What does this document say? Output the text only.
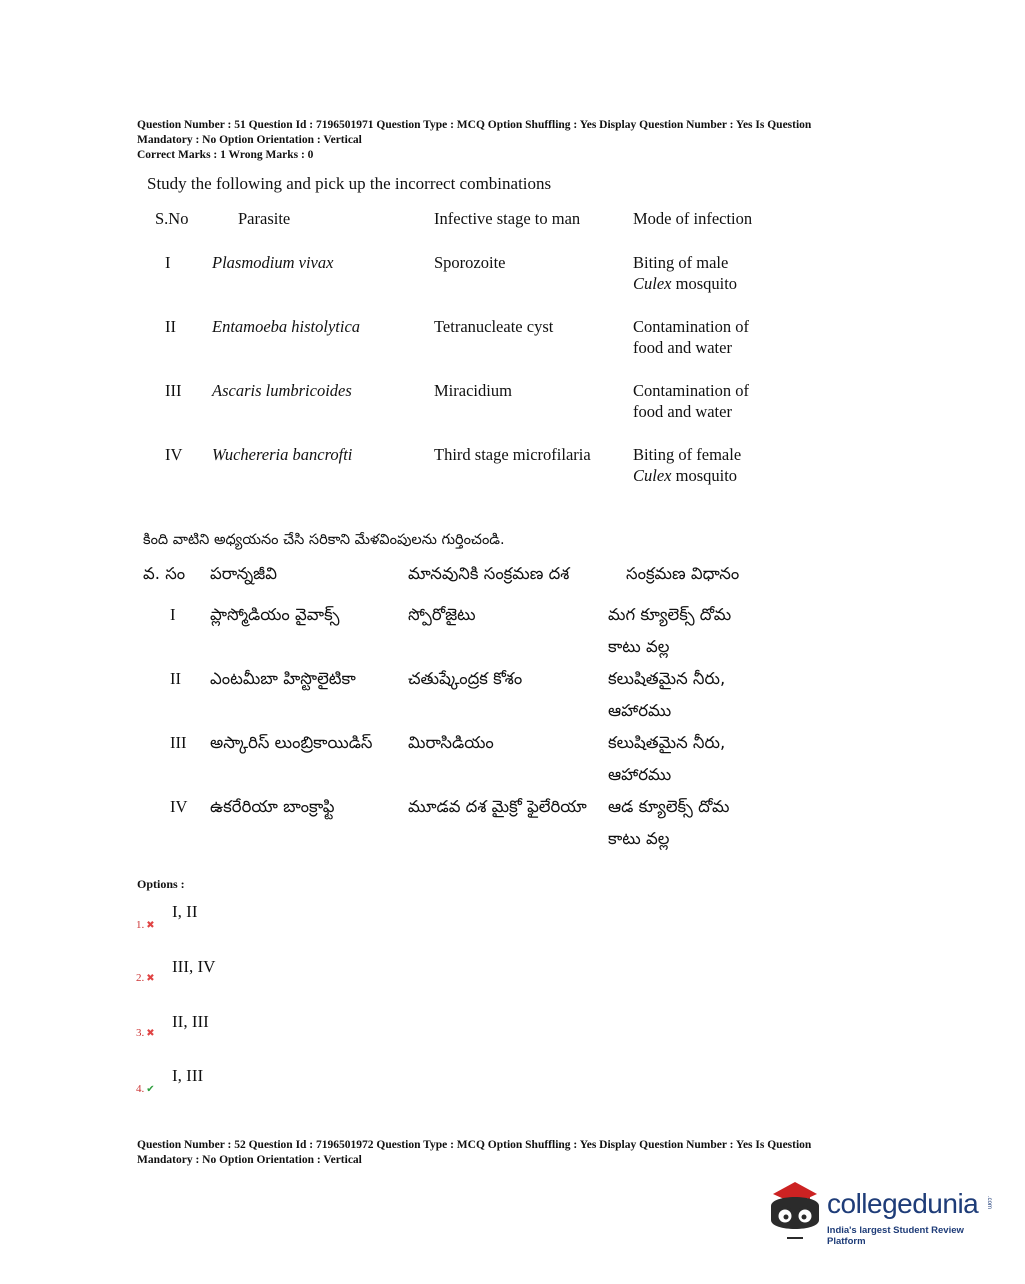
Question Number : 51 Question Id : 7196501971 Question Type : MCQ Option Shuffling : Yes Display Question Number : Yes Is Question
Mandatory : No Option Orientation : Vertical
Correct Marks : 1 Wrong Marks : 0
Study the following and pick up the incorrect combinations
S.No	Parasite	Infective stage to man	Mode of infection
I	Plasmodium vivax	Sporozoite	Biting of male
Culex mosquito

II	Entamoeba histolytica	Tetranucleate cyst	Contamination of
food and water

III	Ascaris lumbricoides	Miracidium	Contamination of
food and water

IV	Wuchereria bancrofti	Third stage microfilaria	Biting of female
Culex mosquito
కింది వాటిని అధ్యయనం చేసి సరికాని మేళవింపులను గుర్తించండి.
వ. సం	పరాన్నజీవి	మానవునికి సంక్రమణ దశ	సంక్రమణ విధానం
I	ప్లాస్మోడియం వైవాక్స్	స్పోరోజైటు	మగ క్యూలెక్స్ దోమ
కాటు వల్ల

II	ఎంటమీబా హిస్టొలైటికా	చతుష్కేంద్రక కోశం	కలుషితమైన నీరు,
ఆహారము

III	అస్కారిస్ లుంబ్రికాయిడిస్	మిరాసిడియం	కలుషితమైన నీరు,
ఆహారము

IV	ఉకరేరియా బాంక్రాఫ్టి	మూడవ దశ మైక్రో ఫైలేరియా	ఆడ క్యూలెక్స్ దోమ
కాటు వల్ల
Options :
1. ✖
I, II
2. ✖
III, IV
3. ✖
II, III
4. ✔
I, III
Question Number : 52 Question Id : 7196501972 Question Type : MCQ Option Shuffling : Yes Display Question Number : Yes Is Question
Mandatory : No Option Orientation : Vertical
collegedunia .com
India's largest Student Review Platform
